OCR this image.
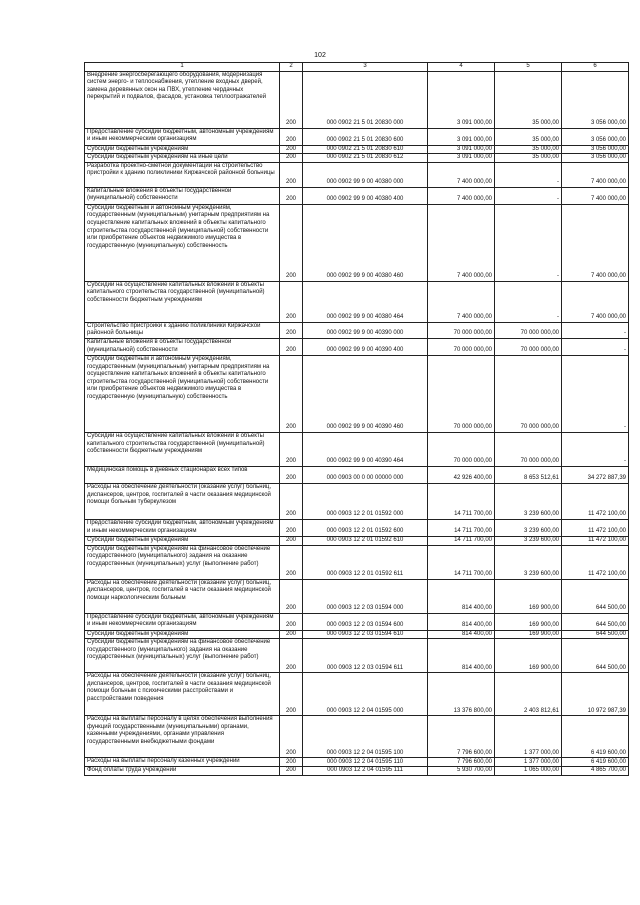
102
1	2	3	4	5	6
Внедрение энергосберегающего оборудования, модернизация систем энерго- и теплоснабжения, утепление входных дверей, замена деревянных окон на ПВХ, утепление чердачных перекрытий и подвалов, фасадов, установка теплоотражателей	200	000 0902 21 5 01 20830 000	3 091 000,00	35 000,00	3 056 000,00
Предоставление субсидий бюджетным, автономным учреждениям и иным некоммерческим организациям	200	000 0902 21 5 01 20830 600	3 091 000,00	35 000,00	3 056 000,00
Субсидии бюджетным учреждениям	200	000 0902 21 5 01 20830 610	3 091 000,00	35 000,00	3 056 000,00
Субсидии бюджетным учреждениям на иные цели	200	000 0902 21 5 01 20830 612	3 091 000,00	35 000,00	3 056 000,00
Разработка проектно-сметной документации на строительство пристройки к зданию поликлиники Киржачской районной больницы	200	000 0902 99 9 00 40380 000	7 400 000,00	-	7 400 000,00
Капитальные вложения в объекты государственной (муниципальной) собственности	200	000 0902 99 9 00 40380 400	7 400 000,00	-	7 400 000,00
Субсидии бюджетным и автономным учреждениям, государственным (муниципальным) унитарным предприятиям на осуществление капитальных вложений в объекты капитального строительства государственной (муниципальной) собственности или приобретение объектов недвижимого имущества в государственную (муниципальную) собственность	200	000 0902 99 9 00 40380 460	7 400 000,00	-	7 400 000,00
Субсидии на осуществление капитальных вложений в объекты капитального строительства государственной (муниципальной) собственности бюджетным учреждениям	200	000 0902 99 9 00 40380 464	7 400 000,00	-	7 400 000,00
Строительство пристройки к зданию поликлиники Киржачской районной больницы	200	000 0902 99 9 00 40390 000	70 000 000,00	70 000 000,00	-
Капитальные вложения в объекты государственной (муниципальной) собственности	200	000 0902 99 9 00 40390 400	70 000 000,00	70 000 000,00	-
Субсидии бюджетным и автономным учреждениям, государственным (муниципальным) унитарным предприятиям на осуществление капитальных вложений в объекты капитального строительства государственной (муниципальной) собственности или приобретение объектов недвижимого имущества в государственную (муниципальную) собственность	200	000 0902 99 9 00 40390 460	70 000 000,00	70 000 000,00	-
Субсидии на осуществление капитальных вложений в объекты капитального строительства государственной (муниципальной) собственности бюджетным учреждениям	200	000 0902 99 9 00 40390 464	70 000 000,00	70 000 000,00	-
Медицинская помощь в дневных стационарах всех типов	200	000 0903 00 0 00 00000 000	42 926 400,00	8 653 512,61	34 272 887,39
Расходы на обеспечение деятельности (оказание услуг) больниц, диспансеров, центров, госпиталей в части оказания медицинской помощи больным туберкулезом	200	000 0903 12 2 01 01592 000	14 711 700,00	3 239 600,00	11 472 100,00
Предоставление субсидий бюджетным, автономным учреждениям и иным некоммерческим организациям	200	000 0903 12 2 01 01592 600	14 711 700,00	3 239 600,00	11 472 100,00
Субсидии бюджетным учреждениям	200	000 0903 12 2 01 01592 610	14 711 700,00	3 239 600,00	11 472 100,00
Субсидии бюджетным учреждениям на финансовое обеспечение государственного (муниципального) задания на оказание государственных (муниципальных) услуг (выполнение работ)	200	000 0903 12 2 01 01592 611	14 711 700,00	3 239 600,00	11 472 100,00
Расходы на обеспечение деятельности (оказание услуг) больниц, диспансеров, центров, госпиталей в части оказания медицинской помощи наркологическим больным	200	000 0903 12 2 03 01594 000	814 400,00	169 900,00	644 500,00
Предоставление субсидий бюджетным, автономным учреждениям и иным некоммерческим организациям	200	000 0903 12 2 03 01594 600	814 400,00	169 900,00	644 500,00
Субсидии бюджетным учреждениям	200	000 0903 12 2 03 01594 610	814 400,00	169 900,00	644 500,00
Субсидии бюджетным учреждениям на финансовое обеспечение государственного (муниципального) задания на оказание государственных (муниципальных) услуг (выполнение работ)	200	000 0903 12 2 03 01594 611	814 400,00	169 900,00	644 500,00
Расходы на обеспечение деятельности (оказание услуг) больниц, диспансеров, центров, госпиталей в части оказания медицинской помощи больным с психическими расстройствами и расстройствами поведения	200	000 0903 12 2 04 01595 000	13 376 800,00	2 403 812,61	10 972 987,39
Расходы на выплаты персоналу в целях обеспечения выполнения функций государственными (муниципальными) органами, казенными учреждениями, органами управления государственными внебюджетными фондами	200	000 0903 12 2 04 01595 100	7 796 600,00	1 377 000,00	6 419 600,00
Расходы на выплаты персоналу казенных учреждений	200	000 0903 12 2 04 01595 110	7 796 600,00	1 377 000,00	6 419 600,00
Фонд оплаты труда учреждений	200	000 0903 12 2 04 01595 111	5 930 700,00	1 065 000,00	4 865 700,00
